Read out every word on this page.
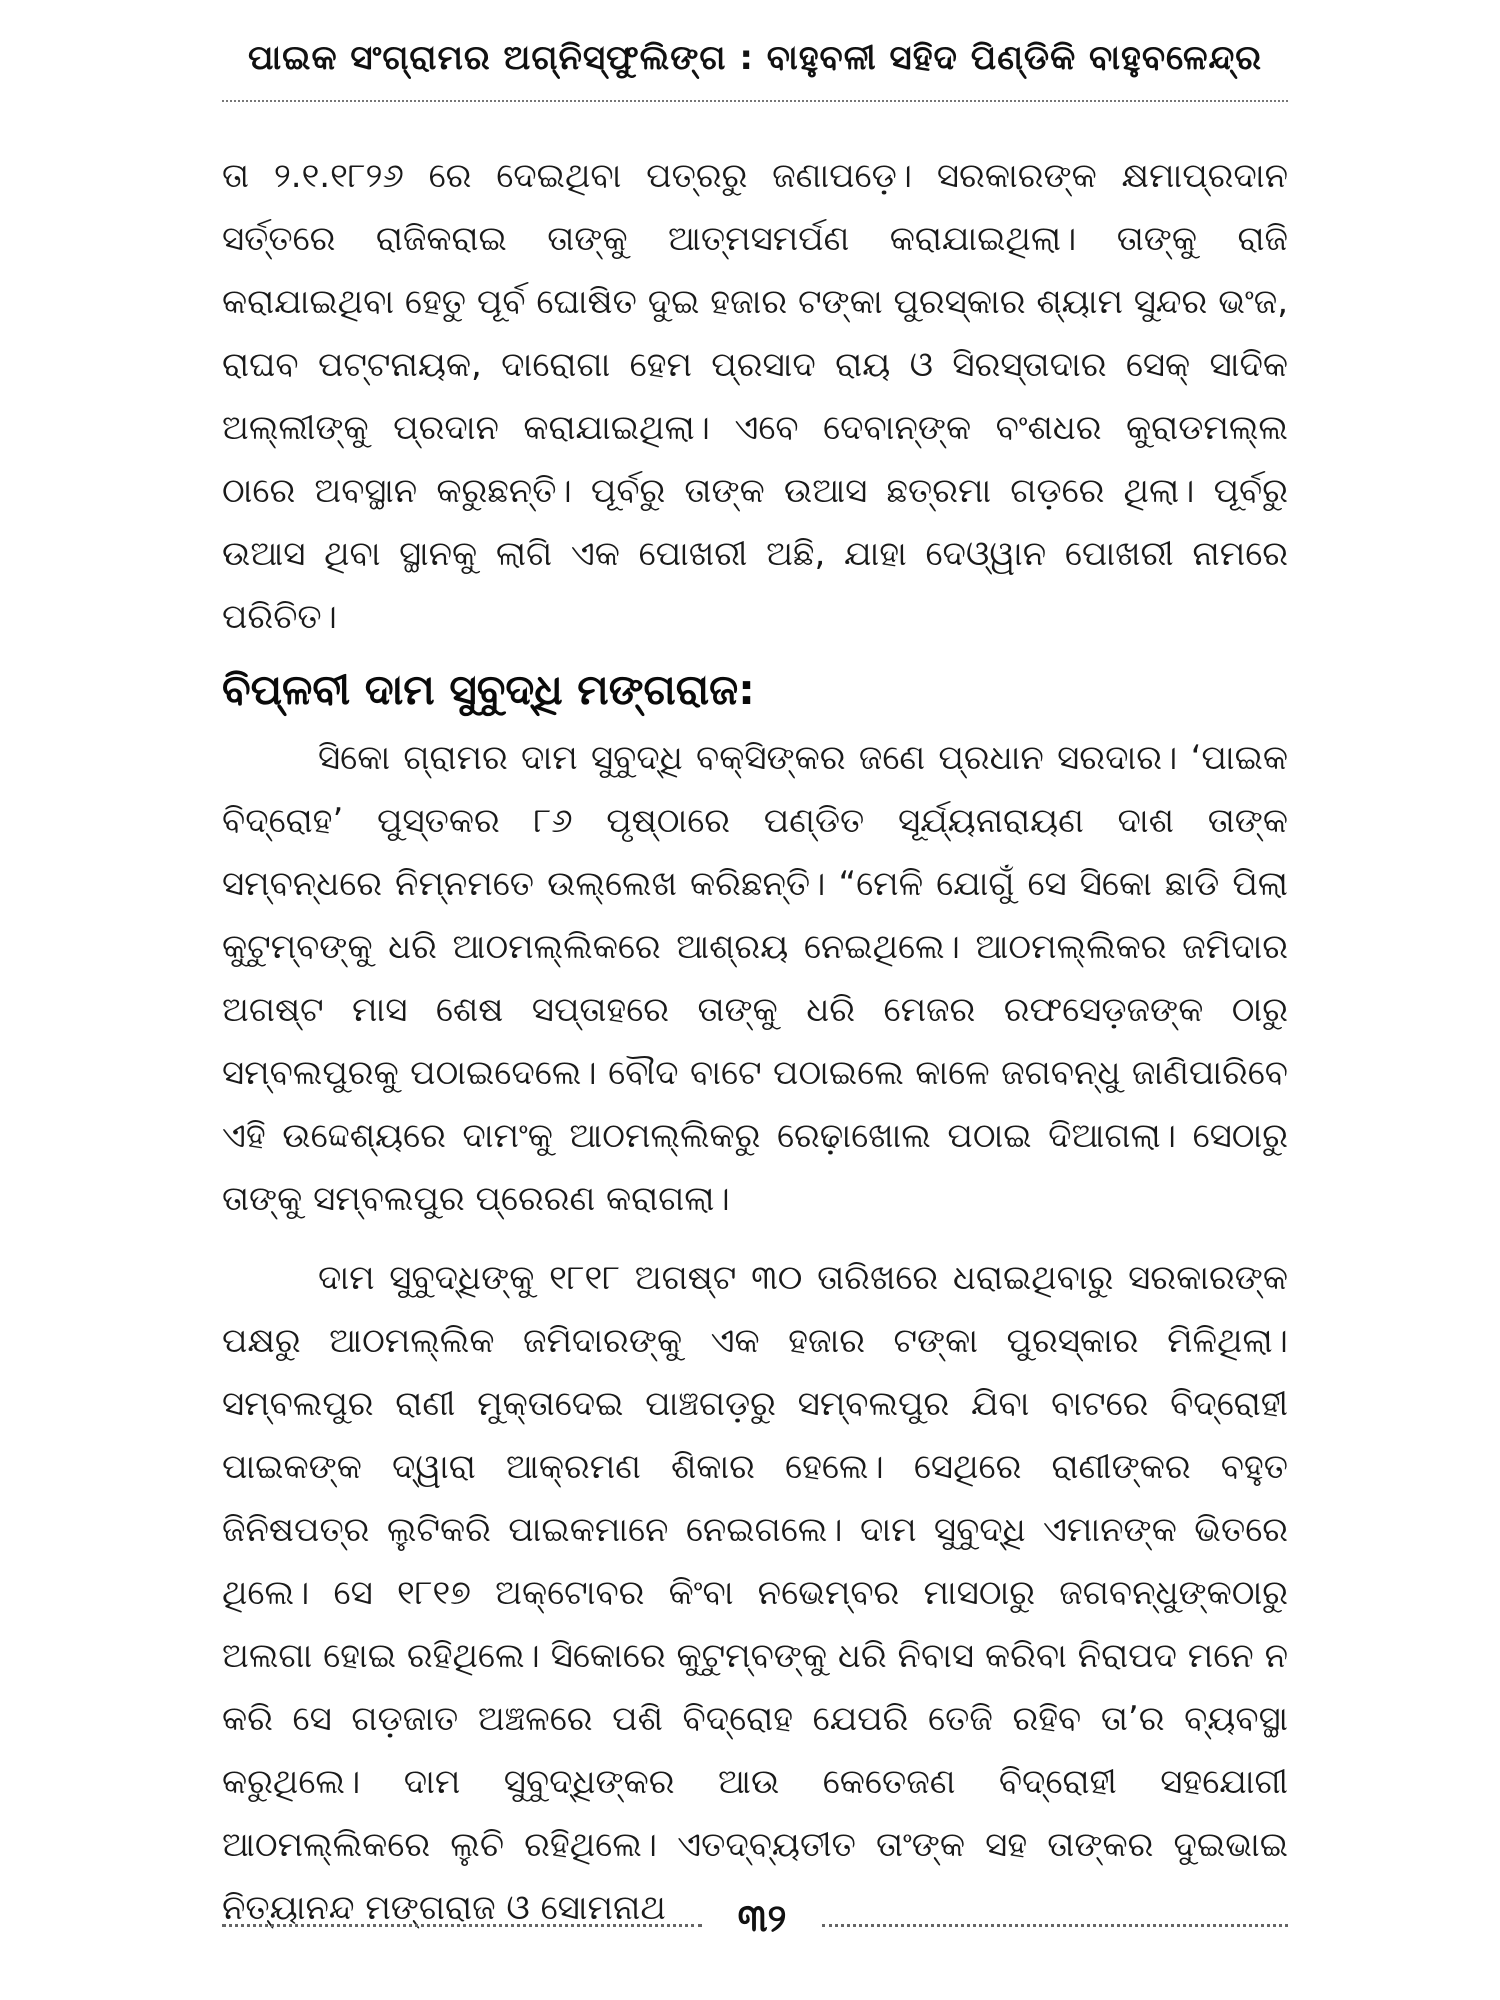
ପାଇକ ସଂଗ୍ରାମର ଅଗ୍ନିସ୍ଫୁଲିଙ୍ଗ : ବାହୁବଳୀ ସହିଦ ପିଣ୍ଡିକି ବାହୁବଳେନ୍ଦ୍ର

ତା ୨.୧.୧୮୨୬ ରେ ଦେଇଥିବା ପତ୍ରରୁ ଜଣାପଡ଼େ। ସରକାରଙ୍କ କ୍ଷମାପ୍ରଦାନ ସର୍ତ୍ତରେ ରାଜିକରାଇ ତାଙ୍କୁ ଆତ୍ମସମର୍ପଣ କରାଯାଇଥିଲା। ତାଙ୍କୁ ରାଜି କରାଯାଇଥିବା ହେତୁ ପୂର୍ବ ଘୋଷିତ ଦୁଇ ହଜାର ଟଙ୍କା ପୁରସ୍କାର ଶ୍ୟାମ ସୁନ୍ଦର ଭଂଜ, ରାଘବ ପଟ୍ଟନାୟକ, ଦାରୋଗା ହେମ ପ୍ରସାଦ ରାୟ ଓ ସିରସ୍ତାଦାର ସେକ୍ ସାଦିକ ଅଲ୍ଲୀଙ୍କୁ ପ୍ରଦାନ କରାଯାଇଥିଲା। ଏବେ ଦେବାନ୍‌ଙ୍କ ବଂଶଧର କୁରାଡମଲ୍ଲ ଠାରେ ଅବସ୍ଥାନ କରୁଛନ୍ତି। ପୂର୍ବରୁ ତାଙ୍କ ଉଆସ ଛତ୍ରମା ଗଡ଼ରେ ଥିଲା। ପୂର୍ବରୁ ଉଆସ ଥିବା ସ୍ଥାନକୁ ଲାଗି ଏକ ପୋଖରୀ ଅଛି, ଯାହା ଦେଓ୍ୱାନ ପୋଖରୀ ନାମରେ ପରିଚିତ।

ବିପ୍ଳବୀ ଦାମ ସୁବୁଦ୍ଧି ମଙ୍ଗରାଜ:

ସିକୋ ଗ୍ରାମର ଦାମ ସୁବୁଦ୍ଧି ବକ୍ସିଙ୍କର ଜଣେ ପ୍ରଧାନ ସରଦାର। ‘ପାଇକ ବିଦ୍ରୋହ’ ପୁସ୍ତକର ୮୬ ପୃଷ୍ଠାରେ ପଣ୍ଡିତ ସୂର୍ଯ୍ୟନାରାୟଣ ଦାଶ ତାଙ୍କ ସମ୍ବନ୍ଧରେ ନିମ୍ନମତେ ଉଲ୍ଲେଖ କରିଛନ୍ତି। “ମେଳି ଯୋଗୁଁ ସେ ସିକୋ ଛାଡି ପିଲା କୁଟୁମ୍ବଙ୍କୁ ଧରି ଆଠମଲ୍ଲିକରେ ଆଶ୍ରୟ ନେଇଥିଲେ। ଆଠମଲ୍ଲିକର ଜମିଦାର ଅଗଷ୍ଟ ମାସ ଶେଷ ସପ୍ତାହରେ ତାଙ୍କୁ ଧରି ମେଜର ରଫସେଡ଼ଜଙ୍କ ଠାରୁ ସମ୍ବଲପୁରକୁ ପଠାଇଦେଲେ। ବୌଦ ବାଟେ ପଠାଇଲେ କାଳେ ଜଗବନ୍ଧୁ ଜାଣିପାରିବେ ଏହି ଉଦ୍ଦେଶ୍ୟରେ ଦାମଂକୁ ଆଠମଲ୍ଲିକରୁ ରେଢ଼ାଖୋଲ ପଠାଇ ଦିଆଗଲା। ସେଠାରୁ ତାଙ୍କୁ ସମ୍ବଲପୁର ପ୍ରେରଣ କରାଗଲା।

ଦାମ ସୁବୁଦ୍ଧିଙ୍କୁ ୧୮୧୮ ଅଗଷ୍ଟ ୩୦ ତାରିଖରେ ଧରାଇଥିବାରୁ ସରକାରଙ୍କ ପକ୍ଷରୁ ଆଠମଲ୍ଲିକ ଜମିଦାରଙ୍କୁ ଏକ ହଜାର ଟଙ୍କା ପୁରସ୍କାର ମିଳିଥିଲା। ସମ୍ବଲପୁର ରାଣୀ ମୁକ୍ତାଦେଇ ପାଞ୍ଚଗଡ଼ରୁ ସମ୍ବଲପୁର ଯିବା ବାଟରେ ବିଦ୍ରୋହୀ ପାଇକଙ୍କ ଦ୍ୱାରା ଆକ୍ରମଣ ଶିକାର ହେଲେ। ସେଥିରେ ରାଣୀଙ୍କର ବହୁତ ଜିନିଷପତ୍ର ଲୁଟିକରି ପାଇକମାନେ ନେଇଗଲେ। ଦାମ ସୁବୁଦ୍ଧି ଏମାନଙ୍କ ଭିତରେ ଥିଲେ। ସେ ୧୮୧୭ ଅକ୍ଟୋବର କିଂବା ନଭେମ୍ବର ମାସଠାରୁ ଜଗବନ୍ଧୁଙ୍କଠାରୁ ଅଲଗା ହୋଇ ରହିଥିଲେ। ସିକୋରେ କୁଟୁମ୍ବଙ୍କୁ ଧରି ନିବାସ କରିବା ନିରାପଦ ମନେ ନ କରି ସେ ଗଡ଼ଜାତ ଅଞ୍ଚଳରେ ପଶି ବିଦ୍ରୋହ ଯେପରି ତେଜି ରହିବ ତା’ର ବ୍ୟବସ୍ଥା କରୁଥିଲେ। ଦାମ ସୁବୁଦ୍ଧିଙ୍କର ଆଉ କେତେଜଣ ବିଦ୍ରୋହୀ ସହଯୋଗୀ ଆଠମଲ୍ଲିକରେ ଲୁଚି ରହିଥିଲେ। ଏତଦ୍‌ବ୍ୟତୀତ ତାଂଙ୍କ ସହ ତାଙ୍କର ଦୁଇଭାଇ ନିତ୍ୟାନନ୍ଦ ମଙ୍ଗରାଜ ଓ ସୋମନାଥ	୩୨
